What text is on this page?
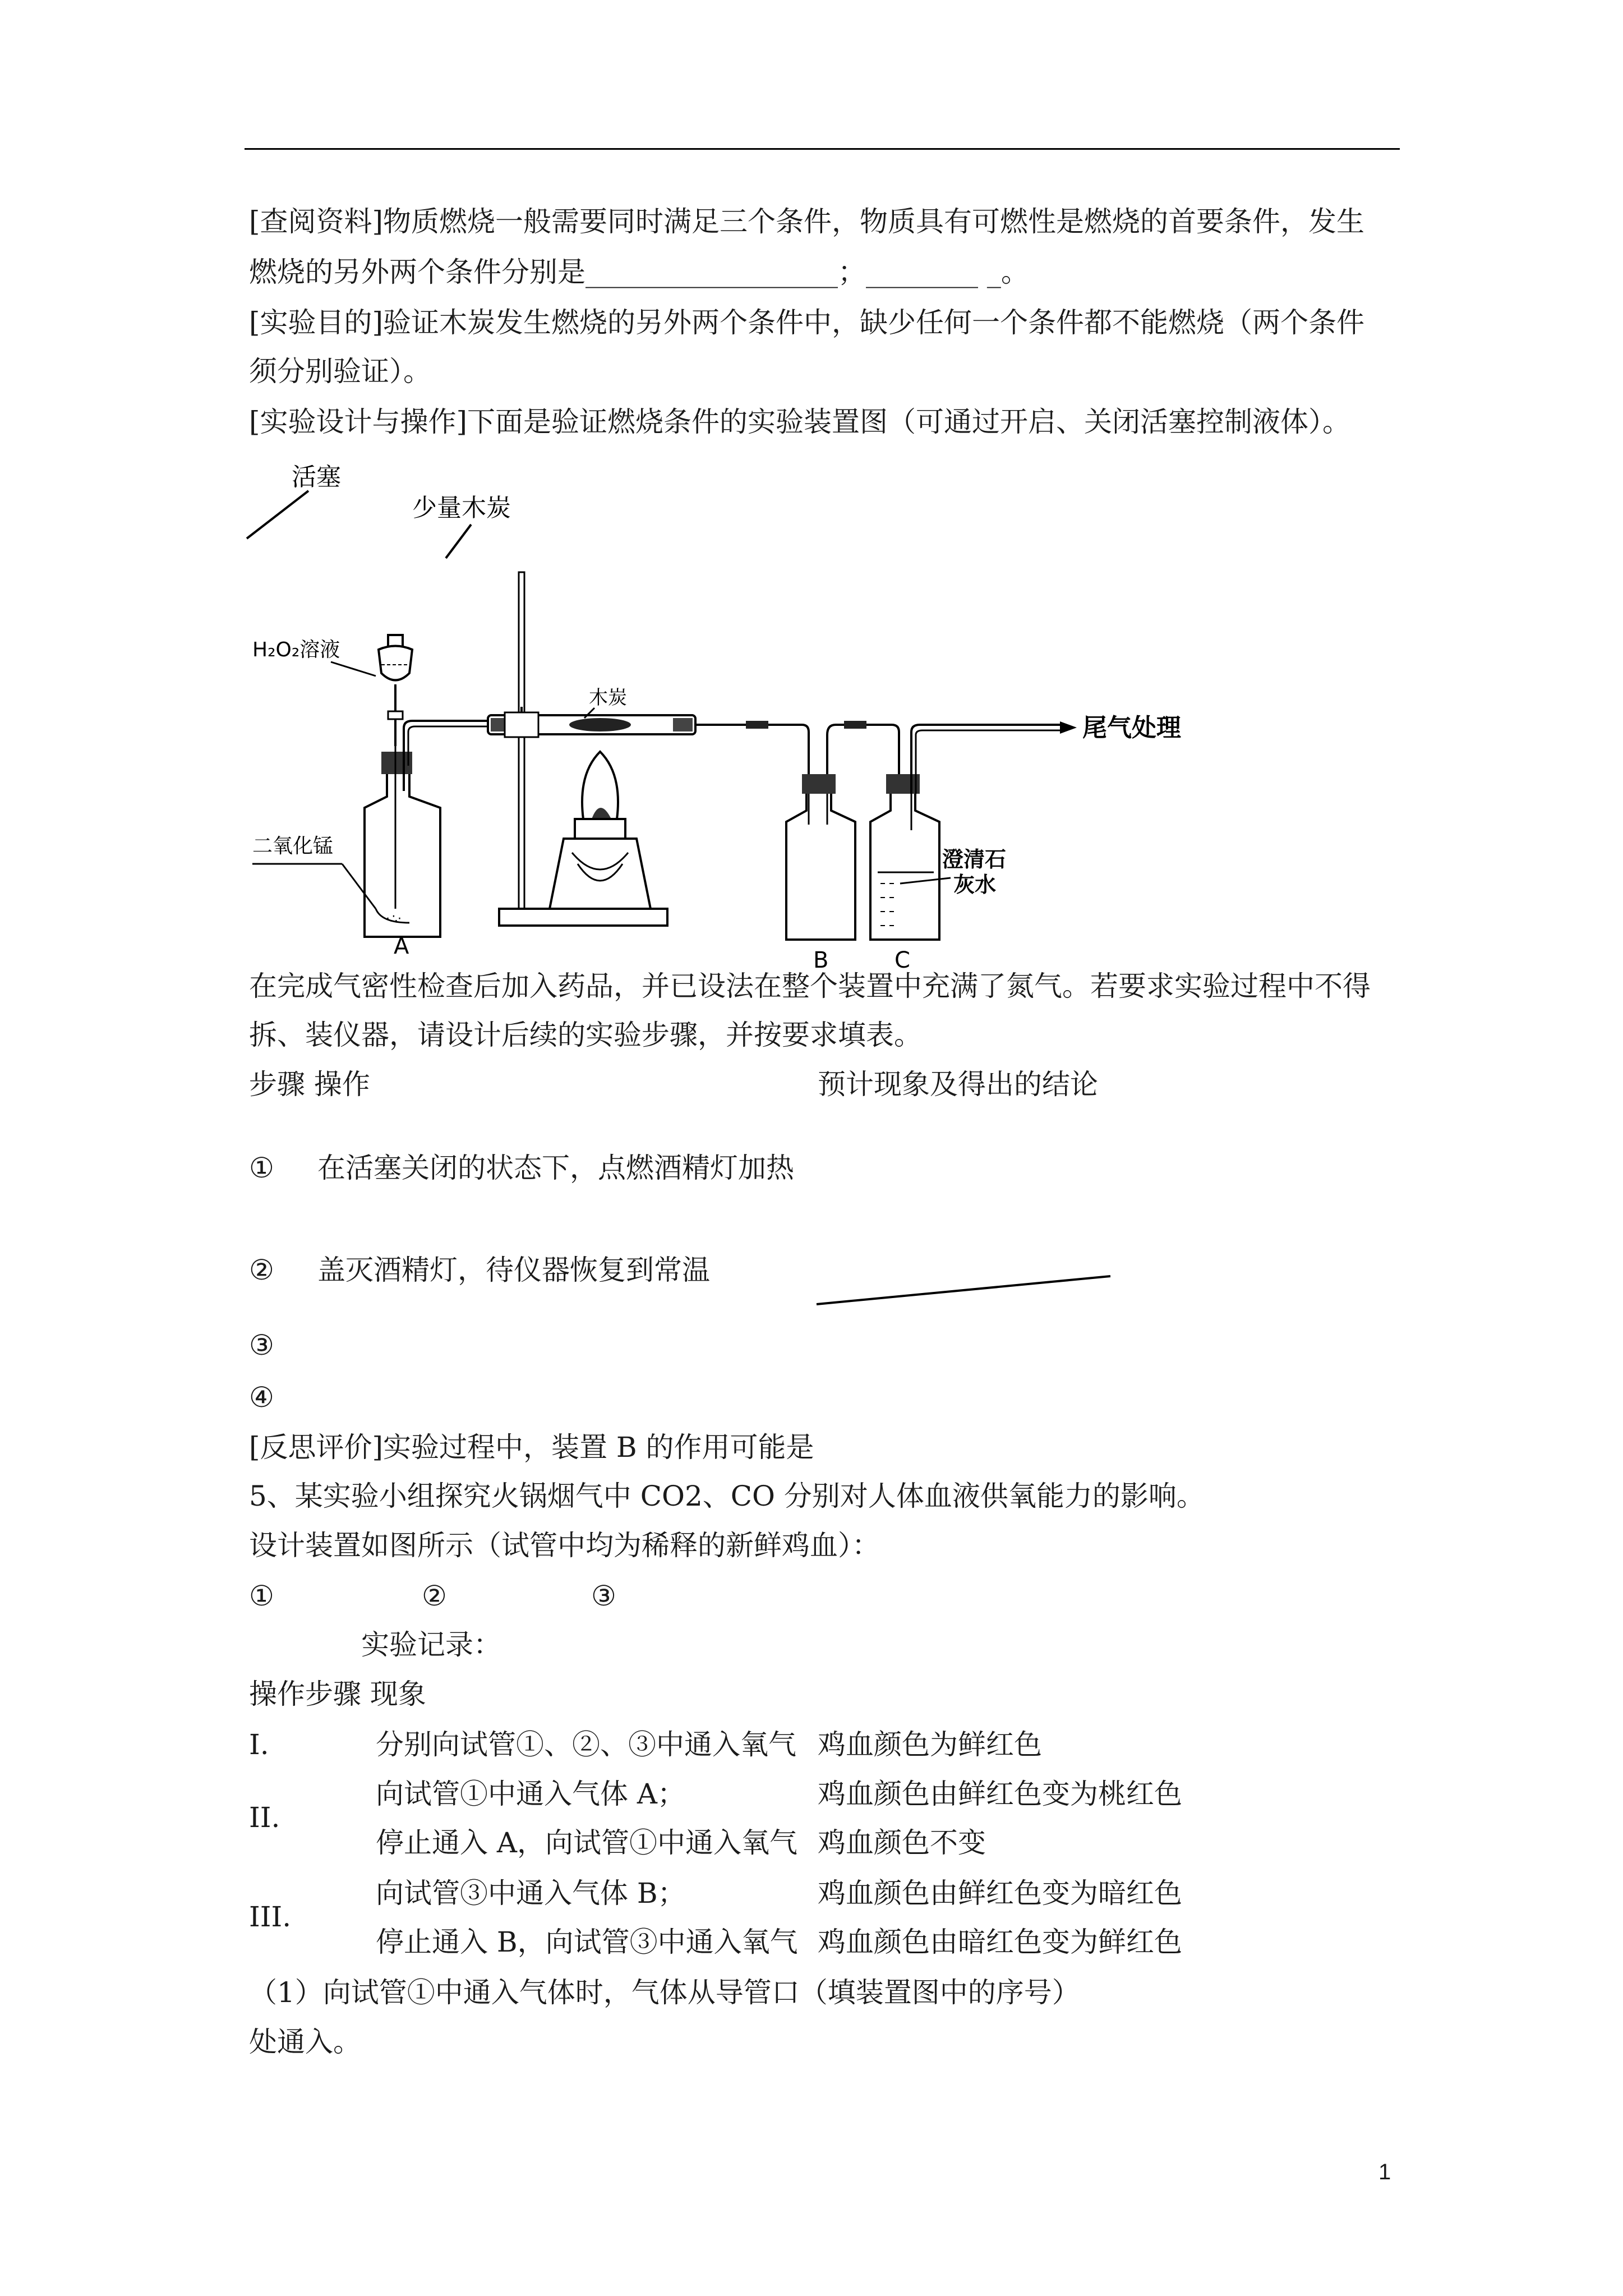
[查阅资料]物质燃烧一般需要同时满足三个条件，物质具有可燃性是燃烧的首要条件，发生
燃烧的另外两个条件分别是__________________；________ _。
[实验目的]验证木炭发生燃烧的另外两个条件中，缺少任何一个条件都不能燃烧（两个条件
须分别验证）。
[实验设计与操作]下面是验证燃烧条件的实验装置图（可通过开启、关闭活塞控制液体）。
活塞
少量木炭
H₂O₂溶液
·∴·
二氧化锰
A
木炭
B
尾气处理
澄清石
灰水
C
在完成气密性检查后加入药品，并已设法在整个装置中充满了氮气。若要求实验过程中不得
拆、装仪器，请设计后续的实验步骤，并按要求填表。
步骤 操作	预计现象及得出的结论
① 在活塞关闭的状态下，点燃酒精灯加热
② 盖灭酒精灯，待仪器恢复到常温
③
④
[反思评价]实验过程中，装置 B 的作用可能是
5、某实验小组探究火锅烟气中 CO2、CO 分别对人体血液供氧能力的影响。
设计装置如图所示（试管中均为稀释的新鲜鸡血）：
①	②	③
实验记录：
操作步骤 现象
I.	分别向试管①、②、③中通入氧气 鸡血颜色为鲜红色
II.
向试管①中通入气体 A；	鸡血颜色由鲜红色变为桃红色
停止通入 A，向试管①中通入氧气 鸡血颜色不变
III.
向试管③中通入气体 B；	鸡血颜色由鲜红色变为暗红色
停止通入 B，向试管③中通入氧气 鸡血颜色由暗红色变为鲜红色
（1）向试管①中通入气体时，气体从导管口（填装置图中的序号）
处通入。
1
